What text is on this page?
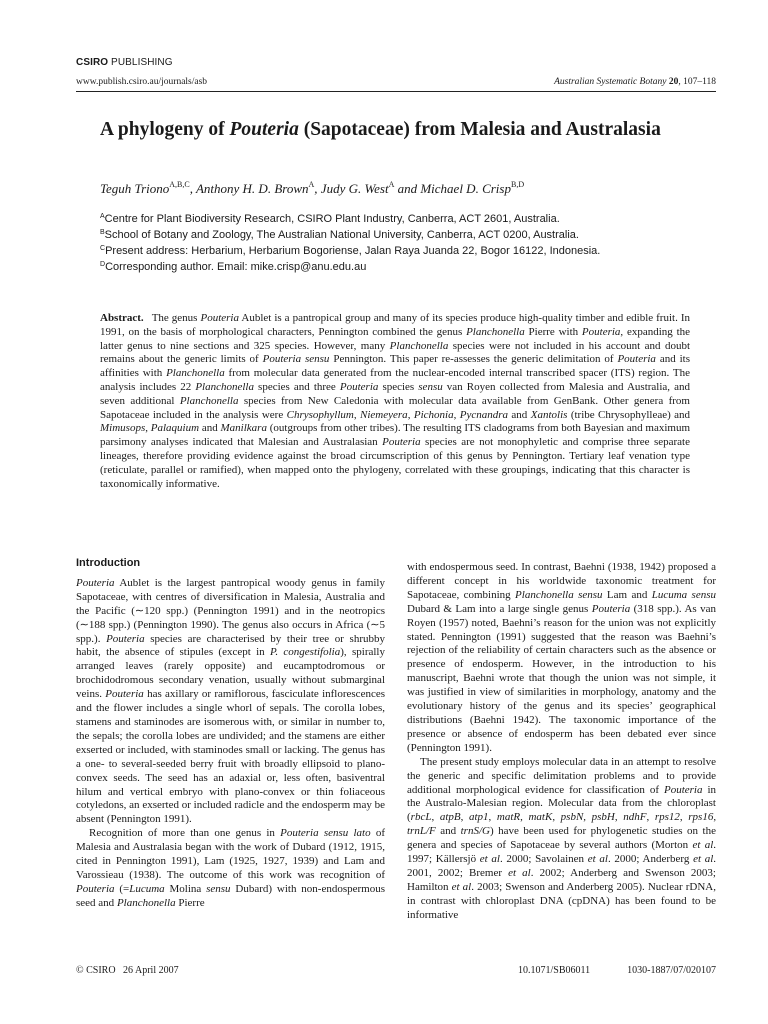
CSIRO PUBLISHING
www.publish.csiro.au/journals/asb	Australian Systematic Botany 20, 107–118
A phylogeny of Pouteria (Sapotaceae) from Malesia and Australasia
Teguh Triono$^{A,B,C}$, Anthony H. D. Brown$^A$, Judy G. West$^A$ and Michael D. Crisp$^{B,D}$
$^A$Centre for Plant Biodiversity Research, CSIRO Plant Industry, Canberra, ACT 2601, Australia.
$^B$School of Botany and Zoology, The Australian National University, Canberra, ACT 0200, Australia.
$^C$Present address: Herbarium, Herbarium Bogoriense, Jalan Raya Juanda 22, Bogor 16122, Indonesia.
$^D$Corresponding author. Email: mike.crisp@anu.edu.au
Abstract. The genus Pouteria Aublet is a pantropical group and many of its species produce high-quality timber and edible fruit. In 1991, on the basis of morphological characters, Pennington combined the genus Planchonella Pierre with Pouteria, expanding the latter genus to nine sections and 325 species. However, many Planchonella species were not included in his account and doubt remains about the generic limits of Pouteria sensu Pennington. This paper re-assesses the generic delimitation of Pouteria and its affinities with Planchonella from molecular data generated from the nuclear-encoded internal transcribed spacer (ITS) region. The analysis includes 22 Planchonella species and three Pouteria species sensu van Royen collected from Malesia and Australia, and seven additional Planchonella species from New Caledonia with molecular data available from GenBank. Other genera from Sapotaceae included in the analysis were Chrysophyllum, Niemeyera, Pichonia, Pycnandra and Xantolis (tribe Chrysophylleae) and Mimusops, Palaquium and Manilkara (outgroups from other tribes). The resulting ITS cladograms from both Bayesian and maximum parsimony analyses indicated that Malesian and Australasian Pouteria species are not monophyletic and comprise three separate lineages, therefore providing evidence against the broad circumscription of this genus by Pennington. Tertiary leaf venation type (reticulate, parallel or ramified), when mapped onto the phylogeny, correlated with these groupings, indicating that this character is taxonomically informative.
Introduction

Pouteria Aublet is the largest pantropical woody genus in family Sapotaceae, with centres of diversification in Malesia, Australia and the Pacific (∼120 spp.) (Pennington 1991) and in the neotropics (∼188 spp.) (Pennington 1990). The genus also occurs in Africa (∼5 spp.). Pouteria species are characterised by their tree or shrubby habit, the absence of stipules (except in P. congestifolia), spirally arranged leaves (rarely opposite) and eucamptodromous or brochidodromous secondary venation, usually without submarginal veins. Pouteria has axillary or ramiflorous, fasciculate inflorescences and the flower includes a single whorl of sepals. The corolla lobes, stamens and staminodes are isomerous with, or similar in number to, the sepals; the corolla lobes are undivided; and the stamens are either exserted or included, with staminodes small or lacking. The genus has a one- to several-seeded berry fruit with broadly ellipsoid to plano-convex seeds. The seed has an adaxial or, less often, basiventral hilum and vertical embryo with plano-convex or thin foliaceous cotyledons, an exserted or included radicle and the endosperm may be absent (Pennington 1991).

Recognition of more than one genus in Pouteria sensu lato of Malesia and Australasia began with the work of Dubard (1912, 1915, cited in Pennington 1991), Lam (1925, 1927, 1939) and Lam and Varossieau (1938). The outcome of this work was recognition of Pouteria (=Lucuma Molina sensu Dubard) with non-endospermous seed and Planchonella Pierre

with endospermous seed. In contrast, Baehni (1938, 1942) proposed a different concept in his worldwide taxonomic treatment for Sapotaceae, combining Planchonella sensu Lam and Lucuma sensu Dubard & Lam into a large single genus Pouteria (318 spp.). As van Royen (1957) noted, Baehni’s reason for the union was not explicitly stated. Pennington (1991) suggested that the reason was Baehni’s rejection of the reliability of certain characters such as the absence or presence of endosperm. However, in the introduction to his manuscript, Baehni wrote that though the union was not simple, it was justified in view of similarities in morphology, anatomy and the evolutionary history of the genus and its species’ geographical distributions (Baehni 1942). The taxonomic importance of the presence or absence of endosperm has been debated ever since (Pennington 1991).

The present study employs molecular data in an attempt to resolve the generic and specific delimitation problems and to provide additional morphological evidence for classification of Pouteria in the Australo-Malesian region. Molecular data from the chloroplast (rbcL, atpB, atp1, matR, matK, psbN, psbH, ndhF, rps12, rps16, trnL/F and trnS/G) have been used for phylogenetic studies on the genera and species of Sapotaceae by several authors (Morton et al. 1997; Källersjö et al. 2000; Savolainen et al. 2000; Anderberg et al. 2001, 2002; Bremer et al. 2002; Anderberg and Swenson 2003; Hamilton et al. 2003; Swenson and Anderberg 2005). Nuclear rDNA, in contrast with chloroplast DNA (cpDNA) has been found to be informative

© CSIRO   26 April 2007	10.1071/SB06011	1030-1887/07/020107
